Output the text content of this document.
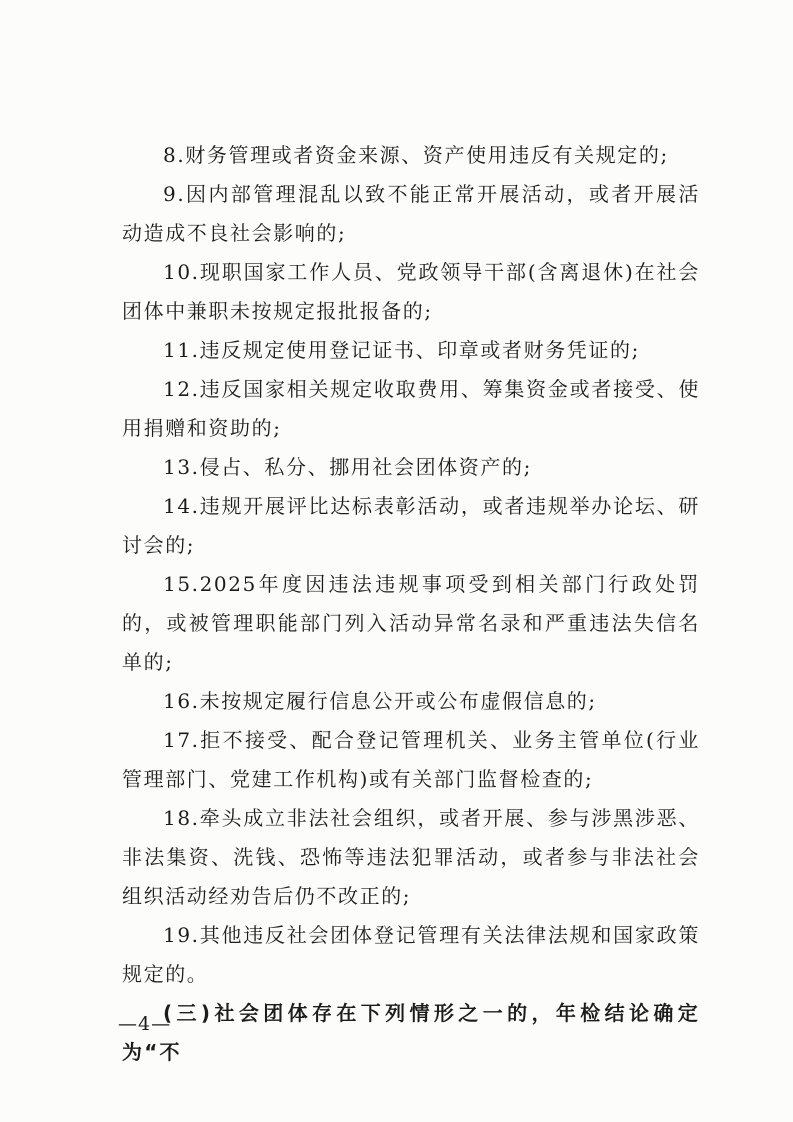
8.财务管理或者资金来源、资产使用违反有关规定的;

9.因内部管理混乱以致不能正常开展活动，或者开展活动造成不良社会影响的;

10.现职国家工作人员、党政领导干部(含离退休)在社会团体中兼职未按规定报批报备的;

11.违反规定使用登记证书、印章或者财务凭证的;

12.违反国家相关规定收取费用、筹集资金或者接受、使用捐赠和资助的;

13.侵占、私分、挪用社会团体资产的;

14.违规开展评比达标表彰活动，或者违规举办论坛、研讨会的;

15.2025年度因违法违规事项受到相关部门行政处罚的，或被管理职能部门列入活动异常名录和严重违法失信名单的;

16.未按规定履行信息公开或公布虚假信息的;

17.拒不接受、配合登记管理机关、业务主管单位(行业管理部门、党建工作机构)或有关部门监督检查的;

18.牵头成立非法社会组织，或者开展、参与涉黑涉恶、非法集资、洗钱、恐怖等违法犯罪活动，或者参与非法社会组织活动经劝告后仍不改正的;

19.其他违反社会团体登记管理有关法律法规和国家政策规定的。

(三)社会团体存在下列情形之一的，年检结论确定为“不

—4—
